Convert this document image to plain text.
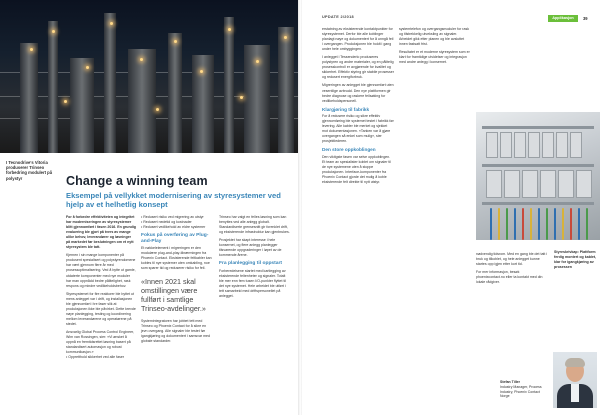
I Tecnodrive's Vitoria produserer Trinseo forbedring modulert på polystyr	Change a winning team
Eksempel på vellykket modernisering av styresystemer ved hjelp av et helhetlig konsept

For å forbedre effektiviteten og integritet har moderniseringen av styresystemer blitt gjennomført i fasen 2016. En grundig evaluering ble gjort på tvers av mange ulike behov, leverandører og løsninger på markedet før beslutningen om et nytt styresystem ble tatt.

Kjernen i sin mange komponenter på produsent spesialisert og polystyrendomene har vært gjennom flere år med prosessoptimalisering. Ved å bytte ut gamle, utdaterte komponenter med nye moduler har man oppnådd bedre pålitelighet, rask respons og mindre vedlikeholdsbehov.

Styresystemet for fire reaktorer ble byttet ut mens anlegget var i drift, og installasjonen ble gjennomført i tre faser slik at produksjonen ikke ble påvirket. Dette krevde nøye planlegging, testing og koordinering mellom leverandørene og operatørene på stedet.

Ansvarlig Global Process Control Engineer, Wim van Rossingen, sier: «Vi ønsket å oppnå en fremtidsrettet løsning basert på standardisert automasjon og robust kommunikasjon.»

• Oppretthold sikkerhet ved alle faser

• Redusert risiko ved migrering av utstyr
• Redusert nedetid og kostnader
• Redusert vedlikehold av eldre systemer

Fokus på overføring av Plug-and-Play

Et nøkkelelement i migreringen er den modulære plug-and-play-tilnærmingen fra Phoenix Contact. Eksisterende feltkabler kan kobles til nye systemer uten omkabling, noe som sparer tid og reduserer risiko for feil.

«Innen 2021 skal omstillingen være fullført i samtlige Trinseo-avdelinger.»

Systemintegratoren har jobbet tett med Trinseo og Phoenix Contact for å sikre en jevn overgang. Alle signaler ble testet før igangkjøring og dokumentert i samsvar med globale standarder.

Trinseo har valgt en felles løsning som kan benyttes ved alle anlegg globalt. Standardiserte grensesnitt gir forenklet drift, og eksisterende infrastruktur kan gjenbrukes.

Prosjektet har skapt interesse i hele konsernet, og flere anlegg planlegger tilsvarende oppgraderinger i løpet av de kommende årene.

Fra planlegging til oppstart

Forberedelsene startet med kartlegging av eksisterende feltenheter og signaler. Totalt ble mer enn fem tusen I/O-punkter flyttet til det nye systemet. Hele arbeidet ble utført i tett samarbeid med driftspersonellet på anlegget.

UPDATE 2/2018	Applikasjon	39

erstatning av eksisterende kontaktpunkter for styresystemet. Derfor ble alle koblinger planlagt nøye og dokumentert for å unngå feil i overgangen. Produksjonen ble holdt i gang under hele ombyggingen.

I anlegget i Tessenderlo produseres polystyren og andre materialer, og en pålitelig prosesskontroll er avgjørende for kvalitet og sikkerhet. Effektiv styring gir stabile prosesser og redusert energiforbruk.

Migreringen av anlegget ble gjennomført uten vesentlige avbrudd. Den nye plattformen gir bedre diagnose og raskere feilsøking for vedlikeholdspersonell.

Klargjøring til fabrikk

For å redusere risiko og sikre effektiv gjennomføring ble systemet testet i fabrikk før levering. Alle kabler ble merket og sjekket mot dokumentasjonen. «Tanken var å gjøre overgangen så enkel som mulig», sier prosjektlederen.

Den store oppkoblingen

Den viktigste fasen var selve oppkoblingen. Et team av spesialister koblet om signaler til de nye systemene uten å stoppe produksjonen. Interface-komponenter fra Phoenix Contact gjorde det mulig å koble eksisterende felt direkte til nytt utstyr.

systemtelefon og overgangsmoduler for rask og tilstrekkelig utveksling av signaler. Arbeidet gikk etter planen og ble avsluttet innen fastsatt frist.

Resultatet er et moderne styresystem som er klart for framtidige utvidelser og integrasjon med andre anlegg i konsernet.

nødvendig tidsrom. Med en gang ble det tatt i bruk og tilkoblet, og hele anlegget kunne startes opp igjen etter kort tid.

For mer informasjon, besøk phoenixcontact.no eller ta kontakt med din lokale rådgiver.

Styreskrivkap: Plattform ferdig montert og kablet, klar for igangkjøring av prosessen
Stefan Tiller
Industry Manager, Process Industry, Phoenix Contact Norge
